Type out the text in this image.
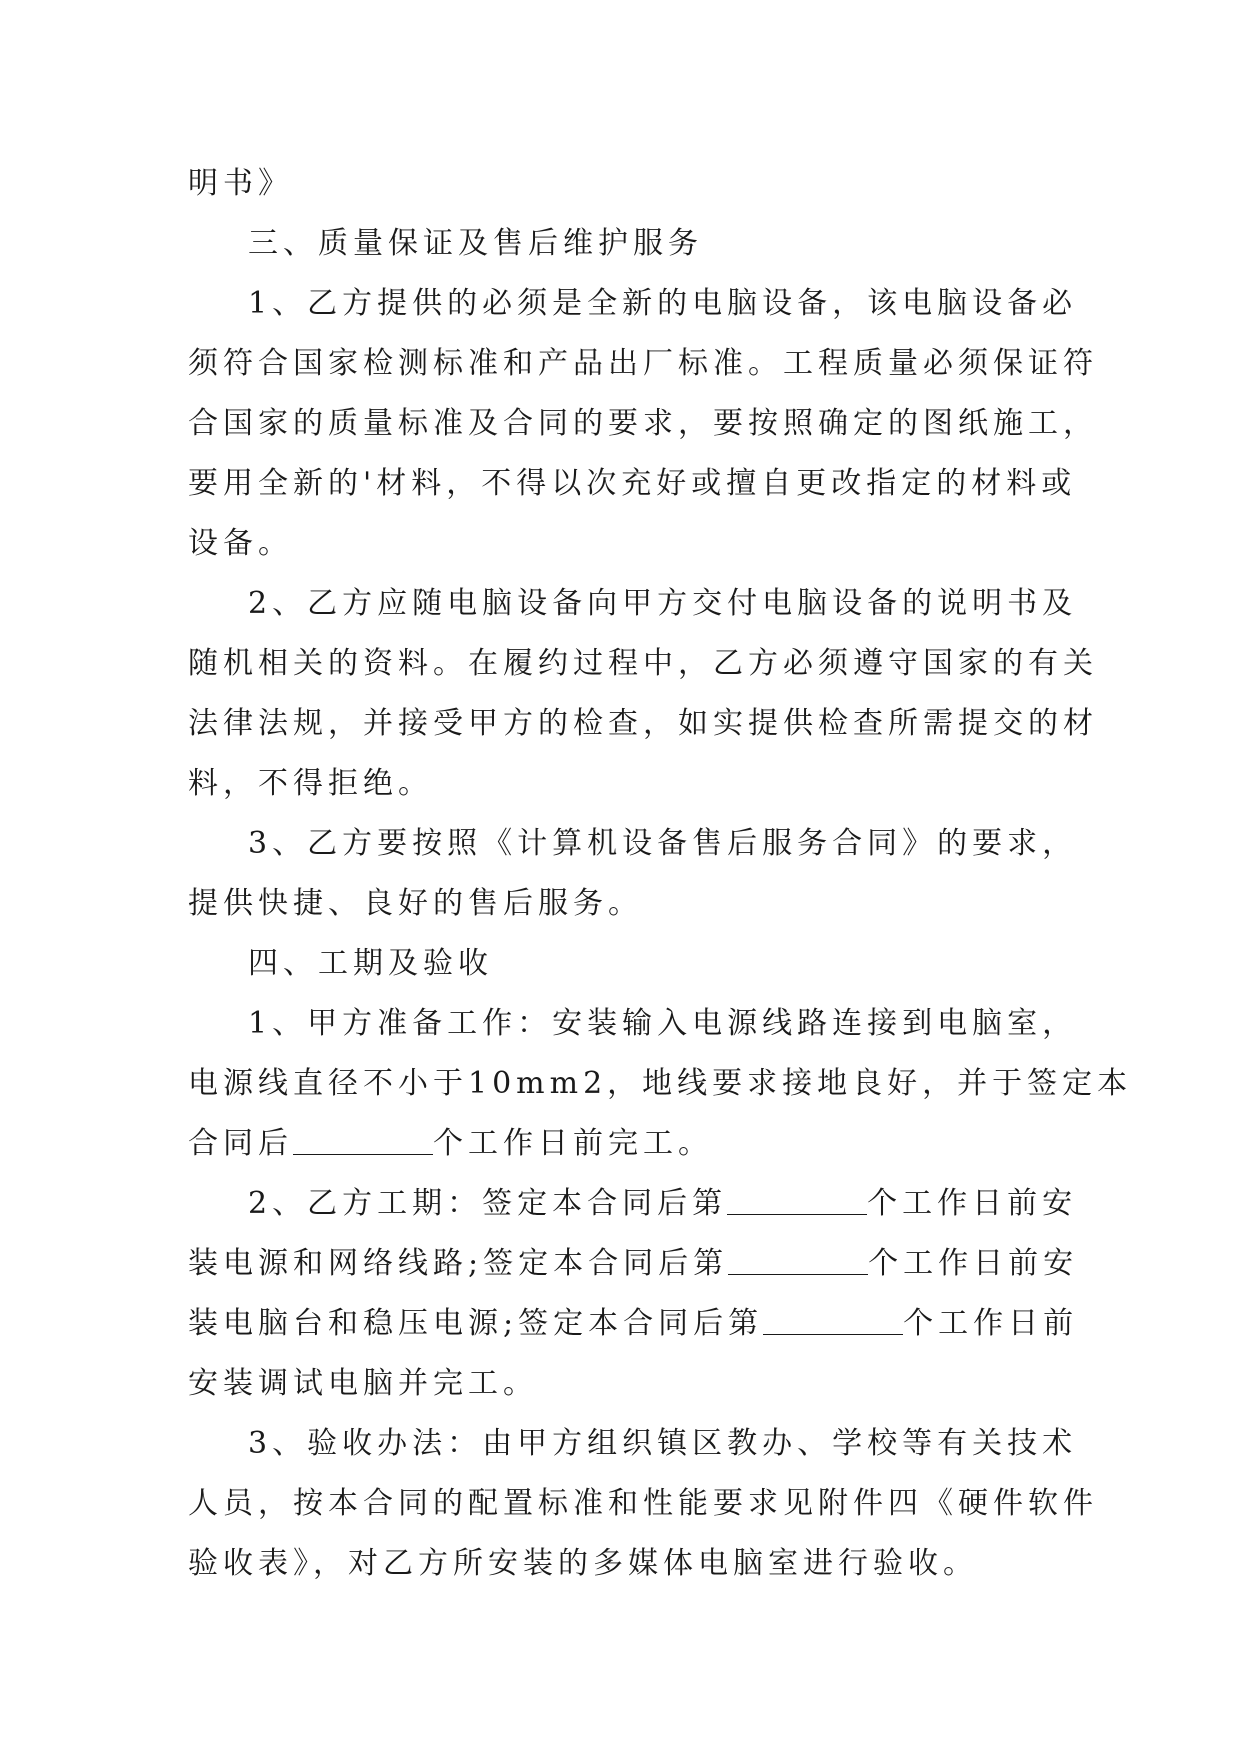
明书》
三、质量保证及售后维护服务
1、乙方提供的必须是全新的电脑设备，该电脑设备必
须符合国家检测标准和产品出厂标准。工程质量必须保证符
合国家的质量标准及合同的要求，要按照确定的图纸施工，
要用全新的'材料，不得以次充好或擅自更改指定的材料或
设备。
2、乙方应随电脑设备向甲方交付电脑设备的说明书及
随机相关的资料。在履约过程中，乙方必须遵守国家的有关
法律法规，并接受甲方的检查，如实提供检查所需提交的材
料，不得拒绝。
3、乙方要按照《计算机设备售后服务合同》的要求，
提供快捷、良好的售后服务。
四、工期及验收
1、甲方准备工作：安装输入电源线路连接到电脑室，
电源线直径不小于10mm2，地线要求接地良好，并于签定本
合同后	个工作日前完工。
2、乙方工期：签定本合同后第	个工作日前安
装电源和网络线路;签定本合同后第	个工作日前安
装电脑台和稳压电源;签定本合同后第	个工作日前
安装调试电脑并完工。
3、验收办法：由甲方组织镇区教办、学校等有关技术
人员，按本合同的配置标准和性能要求见附件四《硬件软件
验收表》，对乙方所安装的多媒体电脑室进行验收。
